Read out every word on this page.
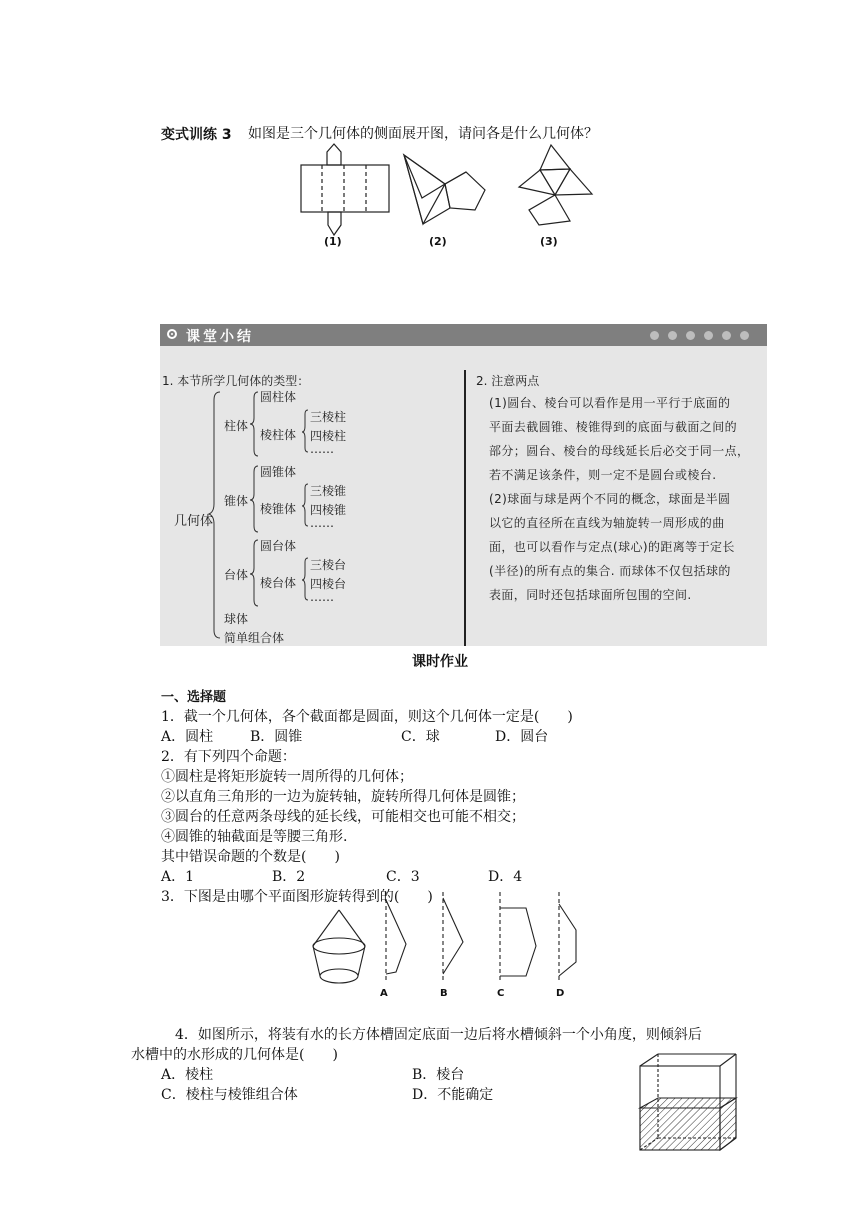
变式训练 3 如图是三个几何体的侧面展开图，请问各是什么几何体？
(1)	(2)	(3)
课堂小结
1. 本节所学几何体的类型：
几何体
柱体
圆柱体
棱柱体
三棱柱
四棱柱
……
锥体
圆锥体
棱锥体
三棱锥
四棱锥
……
台体
圆台体
棱台体
三棱台
四棱台
……
球体
简单组合体
2. 注意两点
(1)圆台、棱台可以看作是用一平行于底面的
平面去截圆锥、棱锥得到的底面与截面之间的
部分；圆台、棱台的母线延长后必交于同一点，
若不满足该条件，则一定不是圆台或棱台.
(2)球面与球是两个不同的概念，球面是半圆
以它的直径所在直线为轴旋转一周形成的曲
面，也可以看作与定点(球心)的距离等于定长
(半径)的所有点的集合. 而球体不仅包括球的
表面，同时还包括球面所包围的空间.
课时作业
一、选择题
1．截一个几何体，各个截面都是圆面，则这个几何体一定是(　　)
A．圆柱	B．圆锥	C．球	D．圆台
2．有下列四个命题：
①圆柱是将矩形旋转一周所得的几何体；
②以直角三角形的一边为旋转轴，旋转所得几何体是圆锥；
③圆台的任意两条母线的延长线，可能相交也可能不相交；
④圆锥的轴截面是等腰三角形.
其中错误命题的个数是(　　)
A．1	B．2	C．3	D．4
3．下图是由哪个平面图形旋转得到的(　　)
A	B	C	D
4．如图所示，将装有水的长方体槽固定底面一边后将水槽倾斜一个小角度，则倾斜后
水槽中的水形成的几何体是(　　)
A．棱柱	B．棱台
C．棱柱与棱锥组合体	D．不能确定
